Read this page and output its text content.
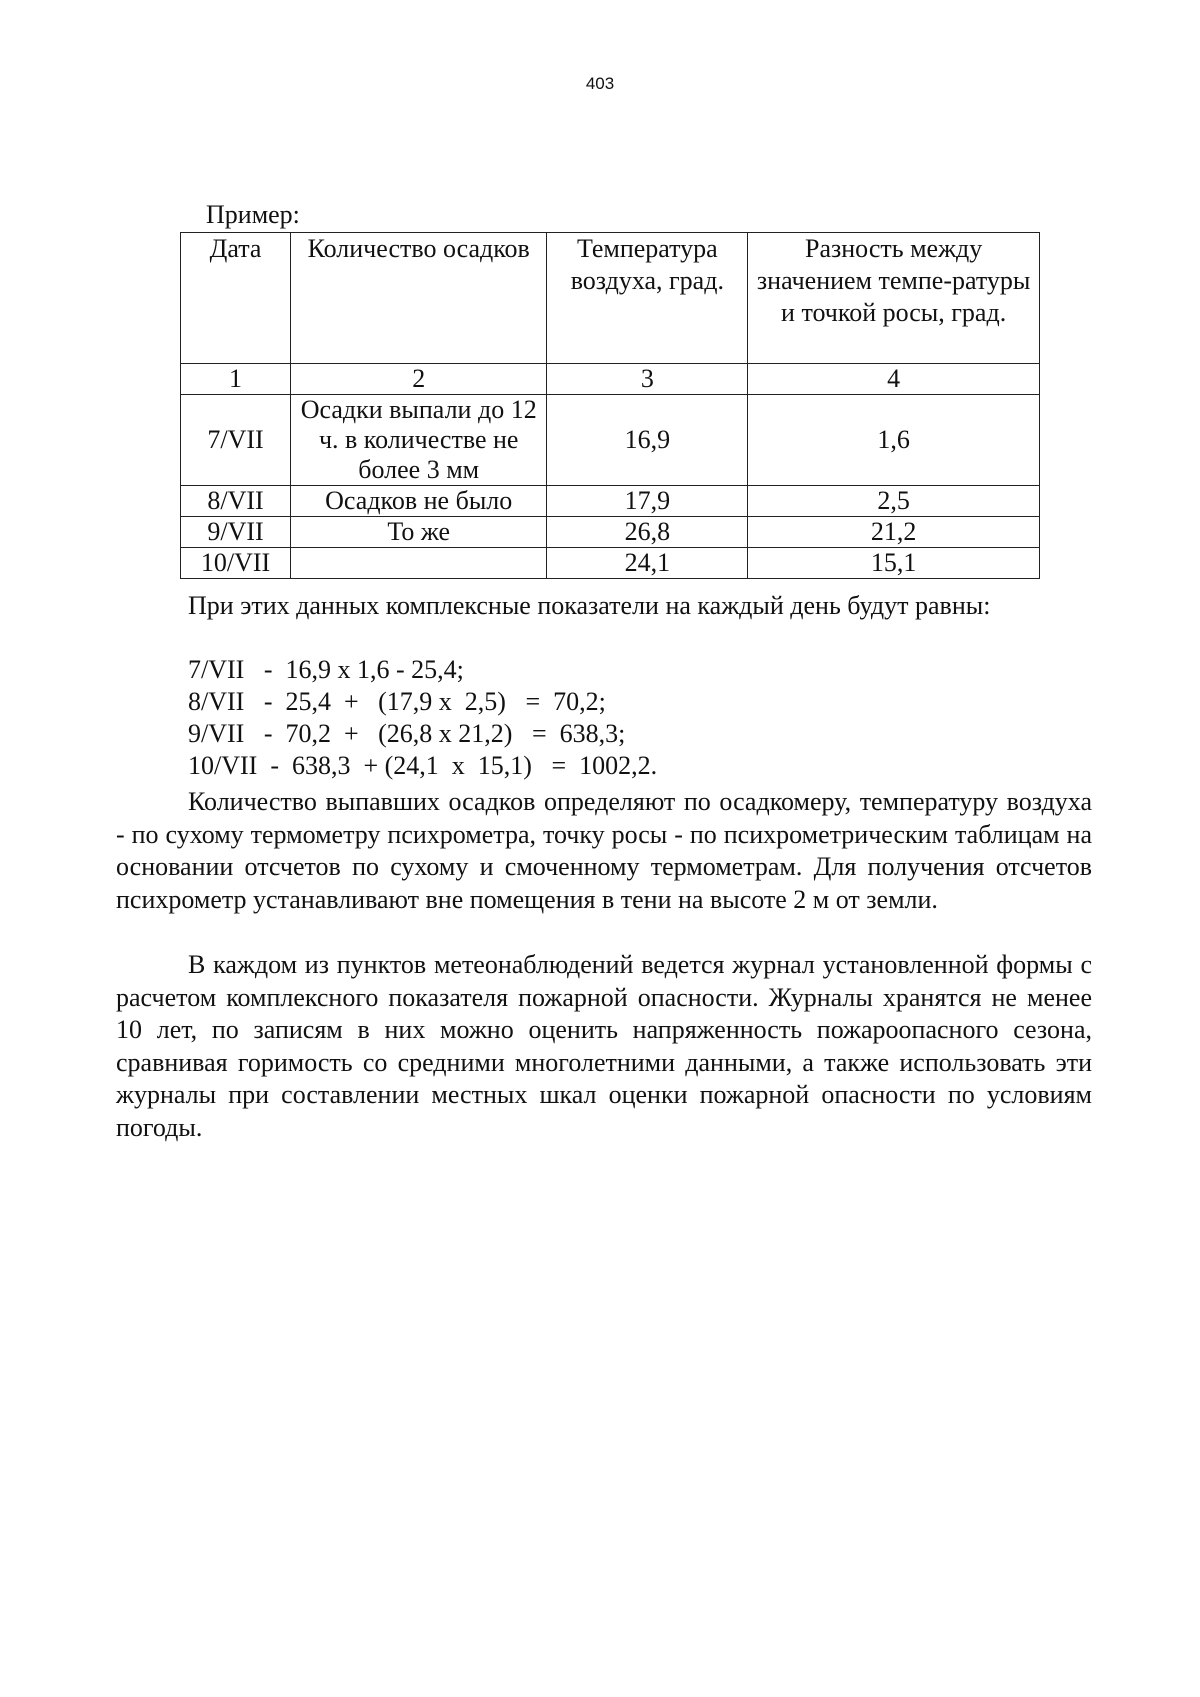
403
Пример:
Дата	Количество осадков	Температура воздуха, град.	Разность между значением темпе-ратуры и точкой росы, град.
1	2	3	4
7/VII	Осадки выпали до 12 ч. в количестве не более 3 мм	16,9	1,6
8/VII	Осадков не было	17,9	2,5
9/VII	То же	26,8	21,2
10/VII		24,1	15,1
При этих данных комплексные показатели на каждый день будут равны:
7/VII   -  16,9 х 1,6 - 25,4;
8/VII   -  25,4  +   (17,9 х  2,5)   =  70,2;
9/VII   -  70,2  +   (26,8 х 21,2)   =  638,3;
10/VII  -  638,3  + (24,1  х  15,1)   =  1002,2.
Количество выпавших осадков определяют по осадкомеру, температуру воздуха - по сухому термометру психрометра, точку росы - по психрометрическим таблицам на основании отсчетов по сухому и смоченному термометрам. Для получения отсчетов психрометр устанавливают вне помещения в тени на высоте 2 м от земли.
В каждом из пунктов метеонаблюдений ведется журнал установленной формы с расчетом комплексного показателя пожарной опасности. Журналы хранятся не менее 10 лет, по записям в них можно оценить напряженность пожароопасного сезона, сравнивая горимость со средними многолетними данными, а также использовать эти журналы при составлении местных шкал оценки пожарной опасности по условиям погоды.
